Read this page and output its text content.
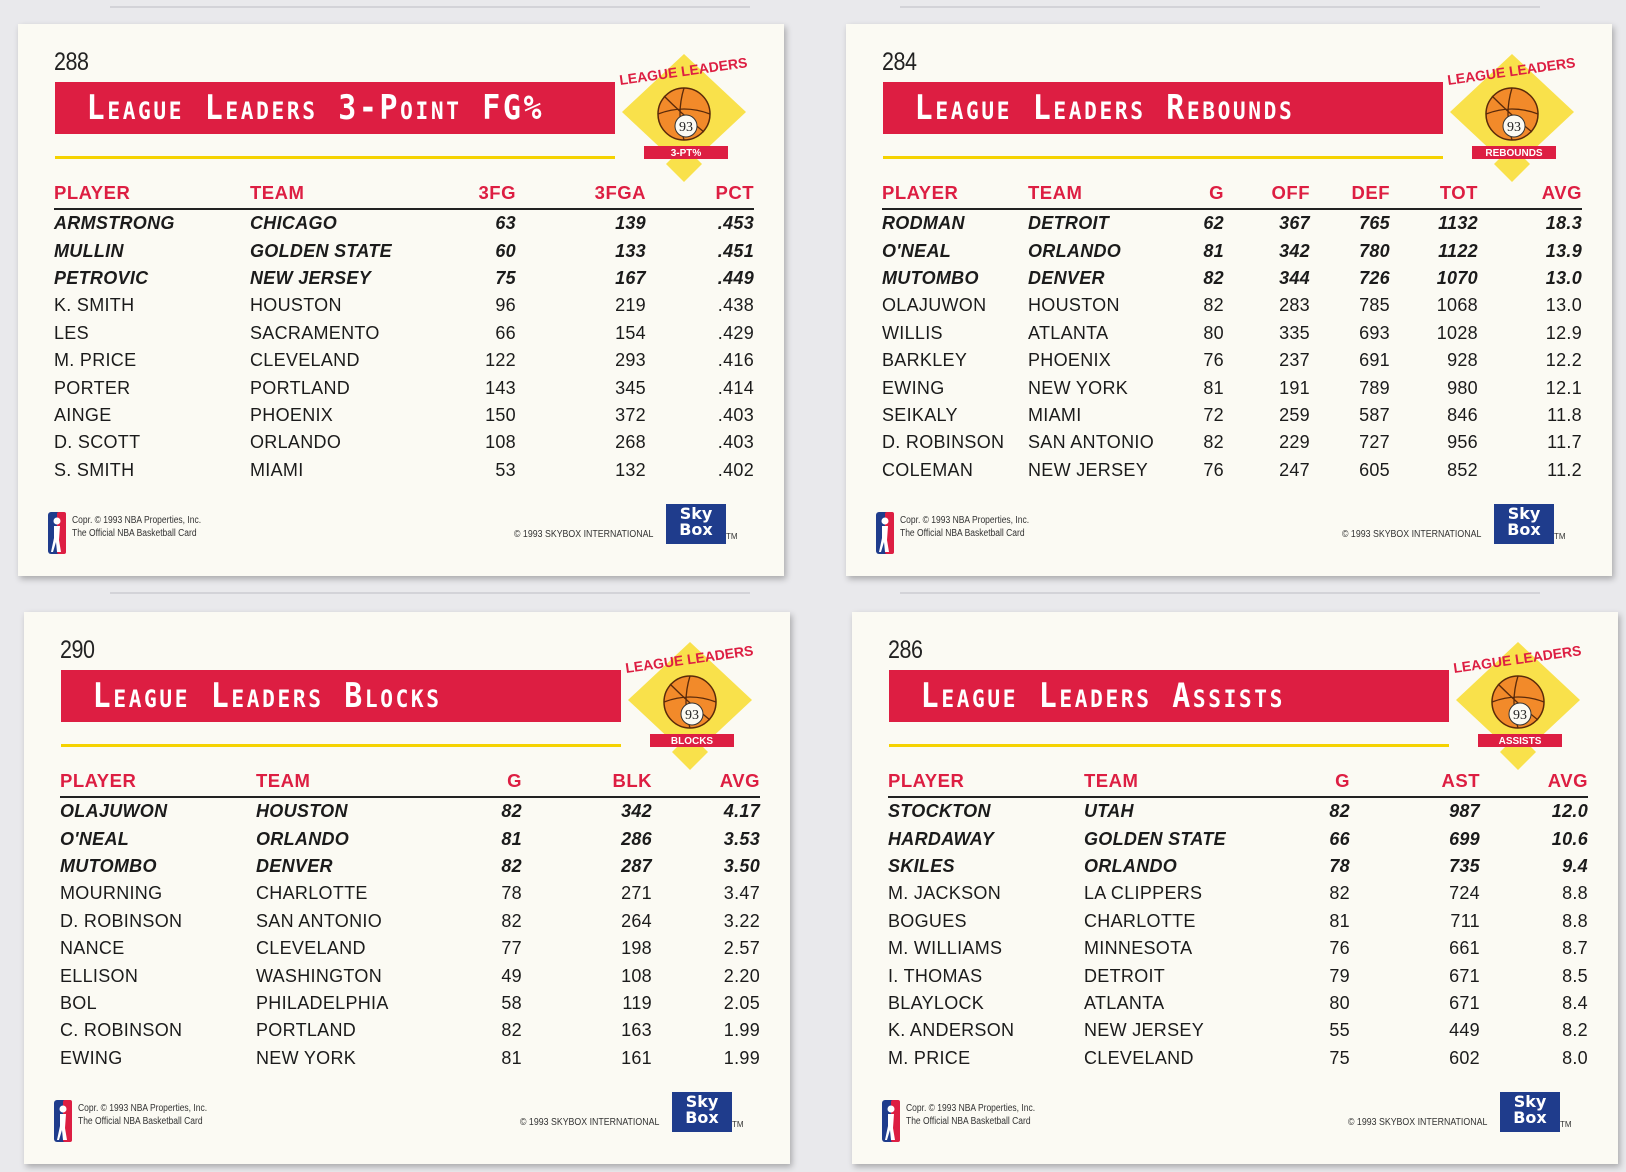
288
League Leaders 3-Point FG%	93
LEAGUE LEADERS
3-PT%
PLAYER	TEAM	3FG	3FGA	PCT
ARMSTRONG	CHICAGO	63	139	.453
MULLIN	GOLDEN STATE	60	133	.451
PETROVIC	NEW JERSEY	75	167	.449
K. SMITH	HOUSTON	96	219	.438
LES	SACRAMENTO	66	154	.429
M. PRICE	CLEVELAND	122	293	.416
PORTER	PORTLAND	143	345	.414
AINGE	PHOENIX	150	372	.403
D. SCOTT	ORLANDO	108	268	.403
S. SMITH	MIAMI	53	132	.402
Copr. © 1993 NBA Properties, Inc.
The Official NBA Basketball Card	© 1993 SKYBOX INTERNATIONAL
Sky
Box	TM
284
League Leaders Rebounds	93
LEAGUE LEADERS
REBOUNDS
PLAYER	TEAM	G	OFF	DEF	TOT	AVG
RODMAN	DETROIT	62	367	765	1132	18.3
O'NEAL	ORLANDO	81	342	780	1122	13.9
MUTOMBO	DENVER	82	344	726	1070	13.0
OLAJUWON	HOUSTON	82	283	785	1068	13.0
WILLIS	ATLANTA	80	335	693	1028	12.9
BARKLEY	PHOENIX	76	237	691	928	12.2
EWING	NEW YORK	81	191	789	980	12.1
SEIKALY	MIAMI	72	259	587	846	11.8
D. ROBINSON	SAN ANTONIO	82	229	727	956	11.7
COLEMAN	NEW JERSEY	76	247	605	852	11.2
Copr. © 1993 NBA Properties, Inc.
The Official NBA Basketball Card	© 1993 SKYBOX INTERNATIONAL
Sky
Box	TM
290
League Leaders Blocks	93
LEAGUE LEADERS
BLOCKS
PLAYER	TEAM	G	BLK	AVG
OLAJUWON	HOUSTON	82	342	4.17
O'NEAL	ORLANDO	81	286	3.53
MUTOMBO	DENVER	82	287	3.50
MOURNING	CHARLOTTE	78	271	3.47
D. ROBINSON	SAN ANTONIO	82	264	3.22
NANCE	CLEVELAND	77	198	2.57
ELLISON	WASHINGTON	49	108	2.20
BOL	PHILADELPHIA	58	119	2.05
C. ROBINSON	PORTLAND	82	163	1.99
EWING	NEW YORK	81	161	1.99
Copr. © 1993 NBA Properties, Inc.
The Official NBA Basketball Card	© 1993 SKYBOX INTERNATIONAL
Sky
Box	TM
286
League Leaders Assists	93
LEAGUE LEADERS
ASSISTS
PLAYER	TEAM	G	AST	AVG
STOCKTON	UTAH	82	987	12.0
HARDAWAY	GOLDEN STATE	66	699	10.6
SKILES	ORLANDO	78	735	9.4
M. JACKSON	LA CLIPPERS	82	724	8.8
BOGUES	CHARLOTTE	81	711	8.8
M. WILLIAMS	MINNESOTA	76	661	8.7
I. THOMAS	DETROIT	79	671	8.5
BLAYLOCK	ATLANTA	80	671	8.4
K. ANDERSON	NEW JERSEY	55	449	8.2
M. PRICE	CLEVELAND	75	602	8.0
Copr. © 1993 NBA Properties, Inc.
The Official NBA Basketball Card	© 1993 SKYBOX INTERNATIONAL
Sky
Box	TM
